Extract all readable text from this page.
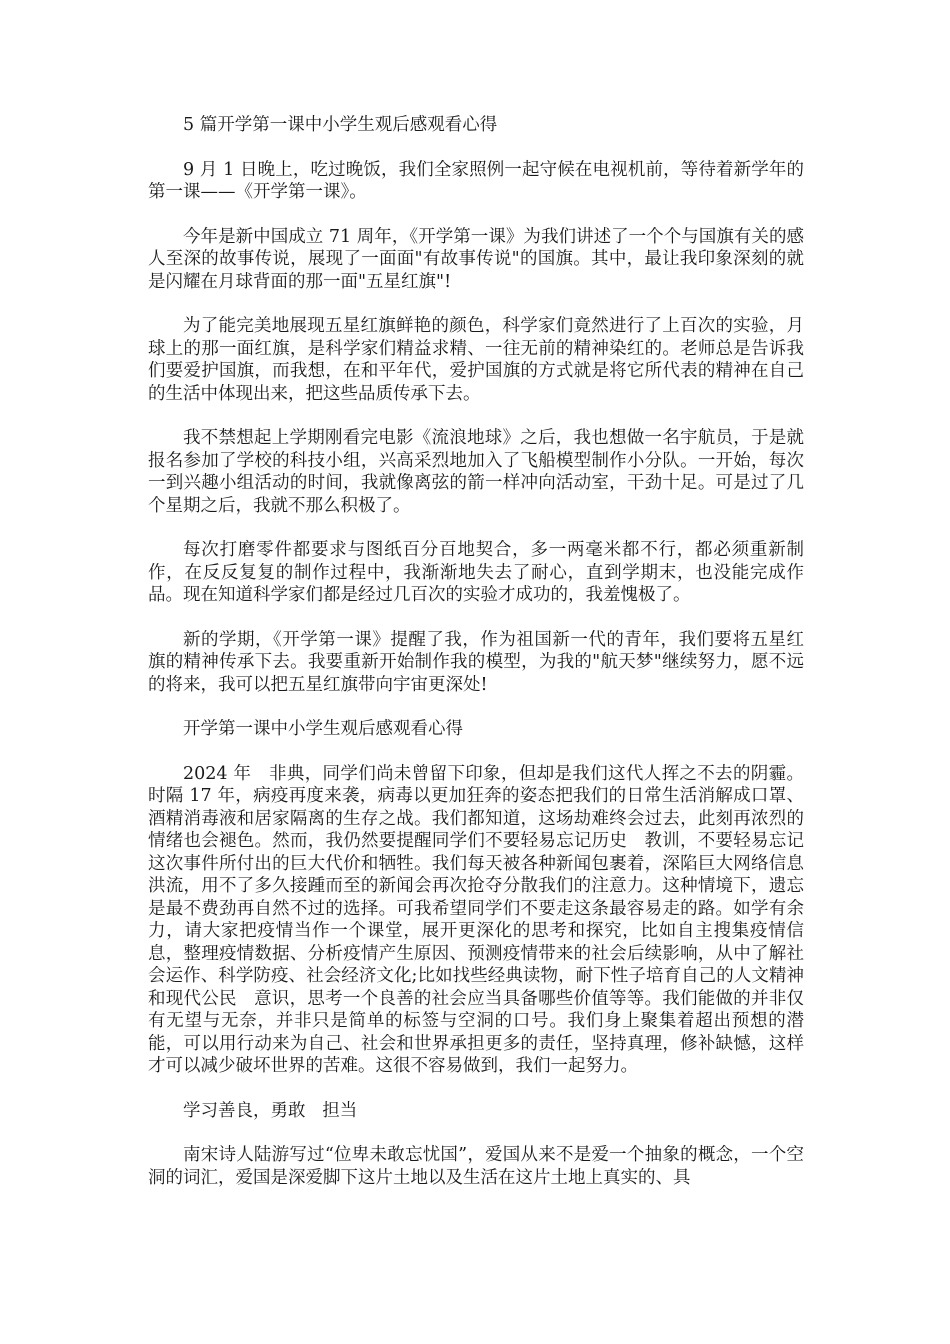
5 篇开学第一课中小学生观后感观看心得

9 月 1 日晚上，吃过晚饭，我们全家照例一起守候在电视机前，等待着新学年的第一课——《开学第一课》。

今年是新中国成立 71 周年，《开学第一课》为我们讲述了一个个与国旗有关的感人至深的故事传说，展现了一面面"有故事传说"的国旗。其中，最让我印象深刻的就是闪耀在月球背面的那一面"五星红旗"!

为了能完美地展现五星红旗鲜艳的颜色，科学家们竟然进行了上百次的实验，月球上的那一面红旗，是科学家们精益求精、一往无前的精神染红的。老师总是告诉我们要爱护国旗，而我想，在和平年代，爱护国旗的方式就是将它所代表的精神在自己的生活中体现出来，把这些品质传承下去。

我不禁想起上学期刚看完电影《流浪地球》之后，我也想做一名宇航员，于是就报名参加了学校的科技小组，兴高采烈地加入了飞船模型制作小分队。一开始，每次一到兴趣小组活动的时间，我就像离弦的箭一样冲向活动室，干劲十足。可是过了几个星期之后，我就不那么积极了。

每次打磨零件都要求与图纸百分百地契合，多一两毫米都不行，都必须重新制作，在反反复复的制作过程中，我渐渐地失去了耐心，直到学期末，也没能完成作品。现在知道科学家们都是经过几百次的实验才成功的，我羞愧极了。

新的学期，《开学第一课》提醒了我，作为祖国新一代的青年，我们要将五星红旗的精神传承下去。我要重新开始制作我的模型，为我的"航天梦"继续努力，愿不远的将来，我可以把五星红旗带向宇宙更深处!

开学第一课中小学生观后感观看心得

2024 年   非典，同学们尚未曾留下印象，但却是我们这代人挥之不去的阴霾。时隔 17 年，病疫再度来袭，病毒以更加狂奔的姿态把我们的日常生活消解成口罩、酒精消毒液和居家隔离的生存之战。我们都知道，这场劫难终会过去，此刻再浓烈的情绪也会褪色。然而，我仍然要提醒同学们不要轻易忘记历史   教训，不要轻易忘记这次事件所付出的巨大代价和牺牲。我们每天被各种新闻包裹着，深陷巨大网络信息洪流，用不了多久接踵而至的新闻会再次抢夺分散我们的注意力。这种情境下，遗忘是最不费劲再自然不过的选择。可我希望同学们不要走这条最容易走的路。如学有余力，请大家把疫情当作一个课堂，展开更深化的思考和探究，比如自主搜集疫情信息，整理疫情数据、分析疫情产生原因、预测疫情带来的社会后续影响，从中了解社会运作、科学防疫、社会经济文化;比如找些经典读物，耐下性子培育自己的人文精神和现代公民   意识，思考一个良善的社会应当具备哪些价值等等。我们能做的并非仅有无望与无奈，并非只是简单的标签与空洞的口号。我们身上聚集着超出预想的潜能，可以用行动来为自己、社会和世界承担更多的责任，坚持真理，修补缺憾，这样才可以减少破坏世界的苦难。这很不容易做到，我们一起努力。

学习善良，勇敢   担当

南宋诗人陆游写过“位卑未敢忘忧国”，爱国从来不是爱一个抽象的概念，一个空洞的词汇，爱国是深爱脚下这片土地以及生活在这片土地上真实的、具
